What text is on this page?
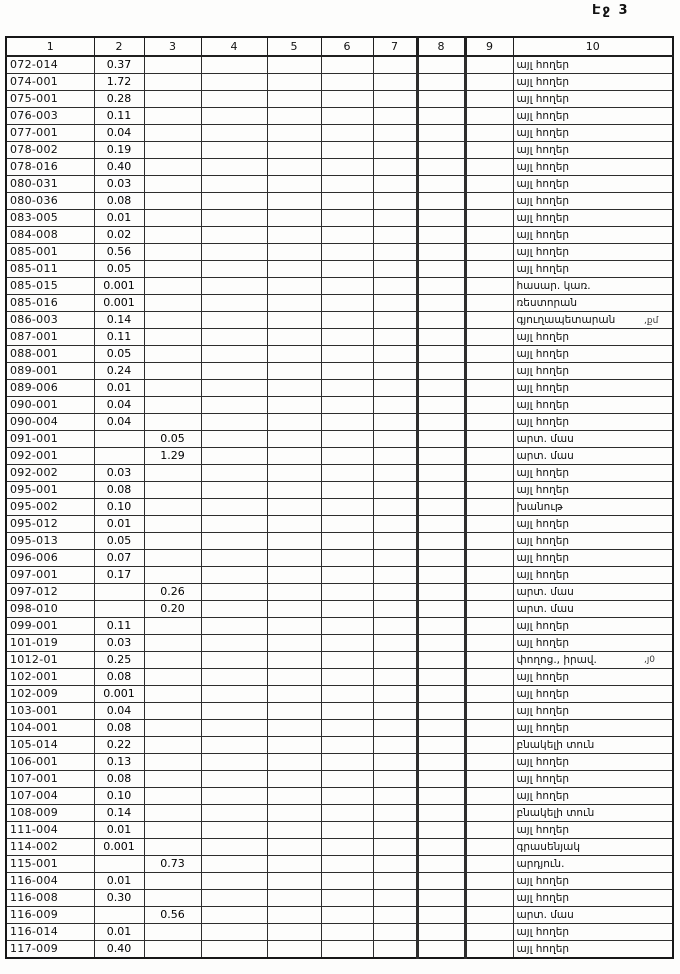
Էջ 3
1	2	3	4	5	6	7	8	9	10
072-014	0.37								այլ հողեր
074-001	1.72								այլ հողեր
075-001	0.28								այլ հողեր
076-003	0.11								այլ հողեր
077-001	0.04								այլ հողեր
078-002	0.19								այլ հողեր
078-016	0.40								այլ հողեր
080-031	0.03								այլ հողեր
080-036	0.08								այլ հողեր
083-005	0.01								այլ հողեր
084-008	0.02								այլ հողեր
085-001	0.56								այլ հողեր
085-011	0.05								այլ հողեր
085-015	0.001								հասար. կառ.
085-016	0.001								ռեստորան
086-003	0.14								գյուղապետարան
087-001	0.11								այլ հողեր
088-001	0.05								այլ հողեր
089-001	0.24								այլ հողեր
089-006	0.01								այլ հողեր
090-001	0.04								այլ հողեր
090-004	0.04								այլ հողեր
091-001		0.05							արտ. մաս
092-001		1.29							արտ. մաս
092-002	0.03								այլ հողեր
095-001	0.08								այլ հողեր
095-002	0.10								խանութ
095-012	0.01								այլ հողեր
095-013	0.05								այլ հողեր
096-006	0.07								այլ հողեր
097-001	0.17								այլ հողեր
097-012		0.26							արտ. մաս
098-010		0.20							արտ. մաս
099-001	0.11								այլ հողեր
101-019	0.03								այլ հողեր
1012-01	0.25								փողոց., իրավ.
102-001	0.08								այլ հողեր
102-009	0.001								այլ հողեր
103-001	0.04								այլ հողեր
104-001	0.08								այլ հողեր
105-014	0.22								բնակելի տուն
106-001	0.13								այլ հողեր
107-001	0.08								այլ հողեր
107-004	0.10								այլ հողեր
108-009	0.14								բնակելի տուն
111-004	0.01								այլ հողեր
114-002	0.001								գրասենյակ
115-001		0.73							արդյուն.
116-004	0.01								այլ հողեր
116-008	0.30								այլ հողեր
116-009		0.56							արտ. մաս
116-014	0.01								այլ հողեր
117-009	0.40								այլ հողեր
,քմ
,յ0
